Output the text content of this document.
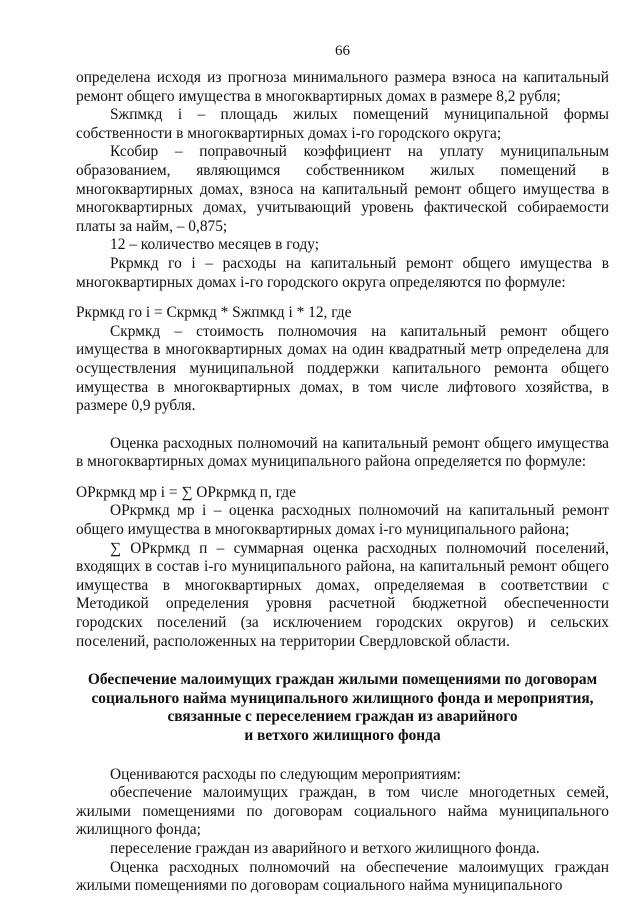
66

определена исходя из прогноза минимального размера взноса на капитальный ремонт общего имущества в многоквартирных домах в размере 8,2 рубля;

Sжпмкд i – площадь жилых помещений муниципальной формы собственности в многоквартирных домах i-го городского округа;

Ксобир – поправочный коэффициент на уплату муниципальным образованием, являющимся собственником жилых помещений в многоквартирных домах, взноса на капитальный ремонт общего имущества в многоквартирных домах, учитывающий уровень фактической собираемости платы за найм, – 0,875;

12 – количество месяцев в году;

Ркрмкд го i – расходы на капитальный ремонт общего имущества в многоквартирных домах i-го городского округа определяются по формуле:

Ркрмкд го i = Скрмкд * Sжпмкд i * 12, где

Скрмкд – стоимость полномочия на капитальный ремонт общего имущества в многоквартирных домах на один квадратный метр определена для осуществления муниципальной поддержки капитального ремонта общего имущества в многоквартирных домах, в том числе лифтового хозяйства, в размере 0,9 рубля.

Оценка расходных полномочий на капитальный ремонт общего имущества в многоквартирных домах муниципального района определяется по формуле:

ОРкрмкд мр i = ∑ ОРкрмкд п, где

ОРкрмкд мр i – оценка расходных полномочий на капитальный ремонт общего имущества в многоквартирных домах i-го муниципального района;

∑ ОРкрмкд п – суммарная оценка расходных полномочий поселений, входящих в состав i-го муниципального района, на капитальный ремонт общего имущества в многоквартирных домах, определяемая в соответствии с Методикой определения уровня расчетной бюджетной обеспеченности городских поселений (за исключением городских округов) и сельских поселений, расположенных на территории Свердловской области.

Обеспечение малоимущих граждан жилыми помещениями по договорам
социального найма муниципального жилищного фонда и мероприятия,
связанные с переселением граждан из аварийного
и ветхого жилищного фонда

Оцениваются расходы по следующим мероприятиям:

обеспечение малоимущих граждан, в том числе многодетных семей, жилыми помещениями по договорам социального найма муниципального жилищного фонда;

переселение граждан из аварийного и ветхого жилищного фонда.

Оценка расходных полномочий на обеспечение малоимущих граждан жилыми помещениями по договорам социального найма муниципального
